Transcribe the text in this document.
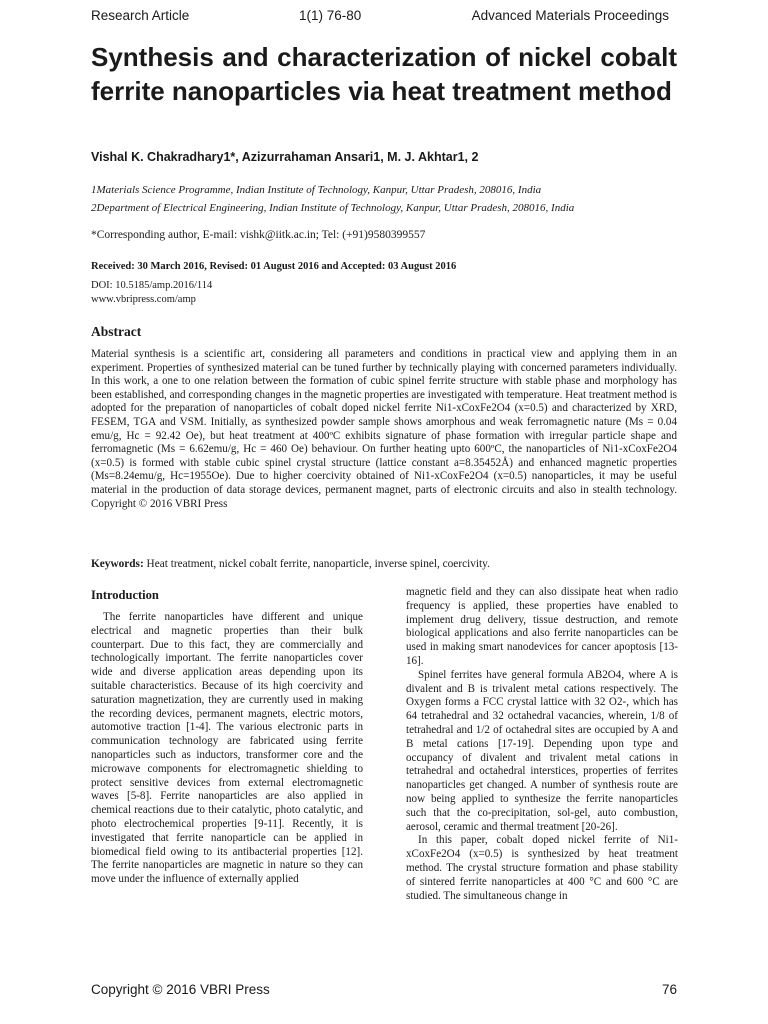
Research Article	1(1) 76-80	Advanced Materials Proceedings
Synthesis and characterization of nickel cobalt ferrite nanoparticles via heat treatment method
Vishal K. Chakradhary1*, Azizurrahaman Ansari1, M. J. Akhtar1, 2
1Materials Science Programme, Indian Institute of Technology, Kanpur, Uttar Pradesh, 208016, India
2Department of Electrical Engineering, Indian Institute of Technology, Kanpur, Uttar Pradesh, 208016, India
*Corresponding author, E-mail: vishk@iitk.ac.in; Tel: (+91)9580399557
Received: 30 March 2016, Revised: 01 August 2016 and Accepted: 03 August 2016
DOI: 10.5185/amp.2016/114
www.vbripress.com/amp
Abstract
Material synthesis is a scientific art, considering all parameters and conditions in practical view and applying them in an experiment. Properties of synthesized material can be tuned further by technically playing with concerned parameters individually. In this work, a one to one relation between the formation of cubic spinel ferrite structure with stable phase and morphology has been established, and corresponding changes in the magnetic properties are investigated with temperature. Heat treatment method is adopted for the preparation of nanoparticles of cobalt doped nickel ferrite Ni1-xCoxFe2O4 (x=0.5) and characterized by XRD, FESEM, TGA and VSM. Initially, as synthesized powder sample shows amorphous and weak ferromagnetic nature (Ms = 0.04 emu/g, Hc = 92.42 Oe), but heat treatment at 400ºC exhibits signature of phase formation with irregular particle shape and ferromagnetic (Ms = 6.62emu/g, Hc = 460 Oe) behaviour. On further heating upto 600ºC, the nanoparticles of Ni1-xCoxFe2O4 (x=0.5) is formed with stable cubic spinel crystal structure (lattice constant a=8.35452Å) and enhanced magnetic properties (Ms=8.24emu/g, Hc=1955Oe). Due to higher coercivity obtained of Ni1-xCoxFe2O4 (x=0.5) nanoparticles, it may be useful material in the production of data storage devices, permanent magnet, parts of electronic circuits and also in stealth technology. Copyright © 2016 VBRI Press
Keywords: Heat treatment, nickel cobalt ferrite, nanoparticle, inverse spinel, coercivity.
Introduction

The ferrite nanoparticles have different and unique electrical and magnetic properties than their bulk counterpart. Due to this fact, they are commercially and technologically important. The ferrite nanoparticles cover wide and diverse application areas depending upon its suitable characteristics. Because of its high coercivity and saturation magnetization, they are currently used in making the recording devices, permanent magnets, electric motors, automotive traction [1-4]. The various electronic parts in communication technology are fabricated using ferrite nanoparticles such as inductors, transformer core and the microwave components for electromagnetic shielding to protect sensitive devices from external electromagnetic waves [5-8]. Ferrite nanoparticles are also applied in chemical reactions due to their catalytic, photo catalytic, and photo electrochemical properties [9-11]. Recently, it is investigated that ferrite nanoparticle can be applied in biomedical field owing to its antibacterial properties [12]. The ferrite nanoparticles are magnetic in nature so they can move under the influence of externally applied

magnetic field and they can also dissipate heat when radio frequency is applied, these properties have enabled to implement drug delivery, tissue destruction, and remote biological applications and also ferrite nanoparticles can be used in making smart nanodevices for cancer apoptosis [13-16].

Spinel ferrites have general formula AB2O4, where A is divalent and B is trivalent metal cations respectively. The Oxygen forms a FCC crystal lattice with 32 O2-, which has 64 tetrahedral and 32 octahedral vacancies, wherein, 1/8 of tetrahedral and 1/2 of octahedral sites are occupied by A and B metal cations [17-19]. Depending upon type and occupancy of divalent and trivalent metal cations in tetrahedral and octahedral interstices, properties of ferrites nanoparticles get changed. A number of synthesis route are now being applied to synthesize the ferrite nanoparticles such that the co-precipitation, sol-gel, auto combustion, aerosol, ceramic and thermal treatment [20-26].

In this paper, cobalt doped nickel ferrite of Ni1-xCoxFe2O4 (x=0.5) is synthesized by heat treatment method. The crystal structure formation and phase stability of sintered ferrite nanoparticles at 400 °C and 600 °C are studied. The simultaneous change in

Copyright © 2016 VBRI Press	76
